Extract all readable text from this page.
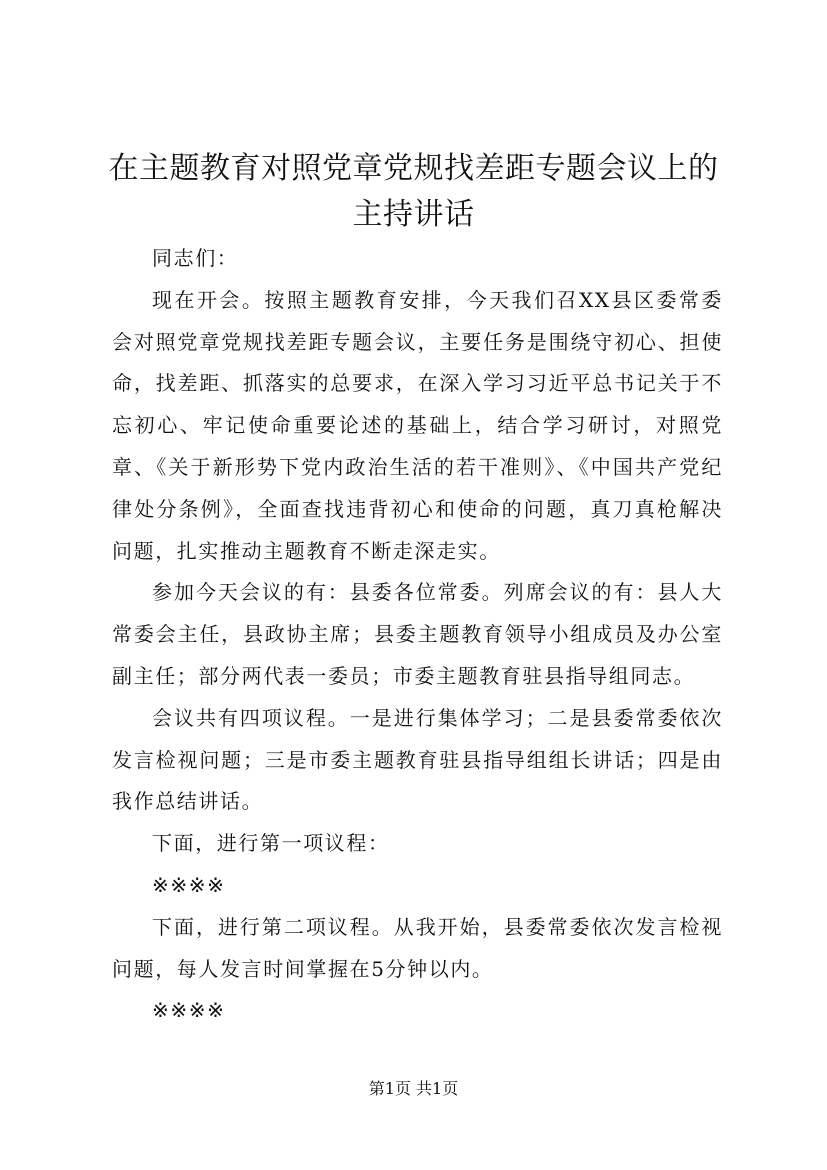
在主题教育对照党章党规找差距专题会议上的
主持讲话

同志们：

现在开会。按照主题教育安排，今天我们召XX县区委常委会对照党章党规找差距专题会议，主要任务是围绕守初心、担使命，找差距、抓落实的总要求，在深入学习习近平总书记关于不忘初心、牢记使命重要论述的基础上，结合学习研讨，对照党章、《关于新形势下党内政治生活的若干准则》、《中国共产党纪律处分条例》，全面查找违背初心和使命的问题，真刀真枪解决问题，扎实推动主题教育不断走深走实。

参加今天会议的有：县委各位常委。列席会议的有：县人大常委会主任，县政协主席；县委主题教育领导小组成员及办公室副主任；部分两代表一委员；市委主题教育驻县指导组同志。

会议共有四项议程。一是进行集体学习；二是县委常委依次发言检视问题；三是市委主题教育驻县指导组组长讲话；四是由我作总结讲话。

下面，进行第一项议程：

※※※※

下面，进行第二项议程。从我开始，县委常委依次发言检视问题，每人发言时间掌握在5分钟以内。

※※※※

第1页 共1页
